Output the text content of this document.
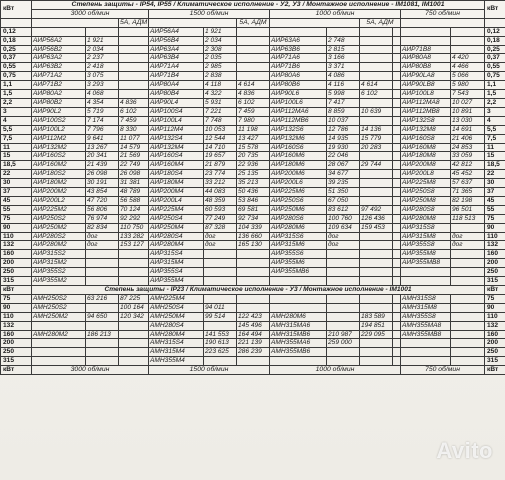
кВт	Степень защиты - IP54, IP55 / Климатическое исполнение - У2, У3 / Монтажное исполнение - IM1081, IM1001												кВт
	3000 об/мин			1500 об/мин			1000 об/мин				750 об/мин		
			5А, АДМ			5А, АДМ			5А, АДМ				
0,12				АИР56А4	1 921								0,12
0,18	АИР56А2	1 921		АИР56В4	2 034		АИР63А6	2 748					0,18
0,25	АИР56В2	2 034		АИР63А4	2 308		АИР63В6	2 815			АИР71В8		0,25
0,37	АИР63А2	2 237		АИР63В4	2 035		АИР71А6	3 166			АИР80А8	4 420	0,37
0,55	АИР63В2	2 418		АИР71А4	2 985		АИР71В6	3 371			АИР80В8	4 466	0,55
0,75	АИР71А2	3 075		АИР71В4	2 838		АИР80А6	4 086			АИР90LA8	5 066	0,75
1,1	АИР71В2	3 293		АИР80А4	4 118	4 614	АИР80В6	4 116	4 614		АИР90LВ8	5 980	1,1
1,5	АИР80А2	4 068		АИР80В4	4 322	4 836	АИР90L6	5 998	6 102		АИР100L8	7 543	1,5
2,2	АИР80В2	4 354	4 836	АИР90L4	5 931	6 102	АИР100L6	7 417			АИР112МА8	10 027	2,2
3	АИР90L2	5 719	6 102	АИР100S4	7 221	7 459	АИР112МА6	8 859	10 639		АИР112МВ8	10 891	3
4	АИР100S2	7 174	7 459	АИР100L4	7 748	7 980	АИР112МВ6	10 037			АИР132S8	13 030	4
5,5	АИР100L2	7 796	8 330	АИР112М4	10 053	11 198	АИР132S6	12 786	14 136		АИР132М8	14 691	5,5
7,5	АИР112М2	9 641	11 077	АИР132S4	12 544	13 427	АИР132М6	14 935	15 779		АИР160S8	21 406	7,5
11	АИР132М2	13 267	14 579	АИР132М4	14 710	15 578	АИР160S6	19 930	20 283		АИР160М8	24 853	11
15	АИР160S2	20 341	21 569	АИР160S4	19 657	20 735	АИР160М6	22 046			АИР180М8	33 059	15
18,5	АИР160М2	21 439	22 749	АИР160М4	21 879	22 936	АИР180М6	28 067	29 744		АИР200М8	42 812	18,5
22	АИР180S2	26 098	26 098	АИР180S4	23 774	25 135	АИР200М6	34 677			АИР200L8	45 452	22
30	АИР180М2	30 191	31 381	АИР180М4	33 212	35 213	АИР200L6	39 235			АИР225М8	57 637	30
37	АИР200М2	43 854	48 789	АИР200М4	44 083	50 436	АИР225М6	51 350			АИР250S8	71 365	37
45	АИР200L2	47 720	56 588	АИР200L4	48 359	53 846	АИР250S6	67 050			АИР250М8	82 198	45
55	АИР225М2	56 806	70 124	АИР225М4	60 593	69 581	АИР250М6	83 612	97 492		АИР280S8	96 501	55
75	АИР250S2	76 974	92 292	АИР250S4	77 249	92 734	АИР280S6	100 760	126 436		АИР280М8	118 513	75
90	АИР250М2	82 834	110 750	АИР250М4	87 328	104 339	АИР280М6	109 634	159 453		АИР315S8		90
110	АИР280S2	дог	133 282	АИР280S4	дог	136 660	АИР315S6	дог			АИР315М8	дог	110
132	АИР280М2	дог	153 127	АИР280М4	дог	165 130	АИР315М6	дог			АИР355S8	дог	132
160	АИР315S2			АИР315S4			АИР355S6				АИР355М8		160
200	АИР315М2			АИР315М4			АИР355М6				АИР355МВ8		200
250	АИР355S2			АИР355S4			АИР355МВ6						250
315	АИР355М2			АИР355М4									315
кВт	Степень защиты - IP23 / Климатическое исполнение - У3 / Монтажное исполнение - IM1001												кВт
75	АМН250S2	63 216	87 225	АМН225М4							АМН315S8		75
90	АМН250S2		100 164	АМН250S4	94 011						АМН315М8		90
110	АМН250М2	94 650	120 342	АМН250М4	99 514	122 423	АМН280М6		183 589		АМН355S8		110
132				АМН280S4		145 496	АМН315МА6		194 851		АМН355МА8		132
160	АМН280М2	186 213		АМН280М4	141 553	164 494	АМН315МВ6	210 987	229 095		АМН355МВ8		160
200				АМН315S4	190 613	221 139	АМН355МА6	259 000					200
250				АМН315М4	223 625	286 239	АМН355МВ6						250
315				АМН355М4									315
кВт	3000 об/мин			1500 об/мин			1000 об/мин				750 об/мин		кВт
Avito
